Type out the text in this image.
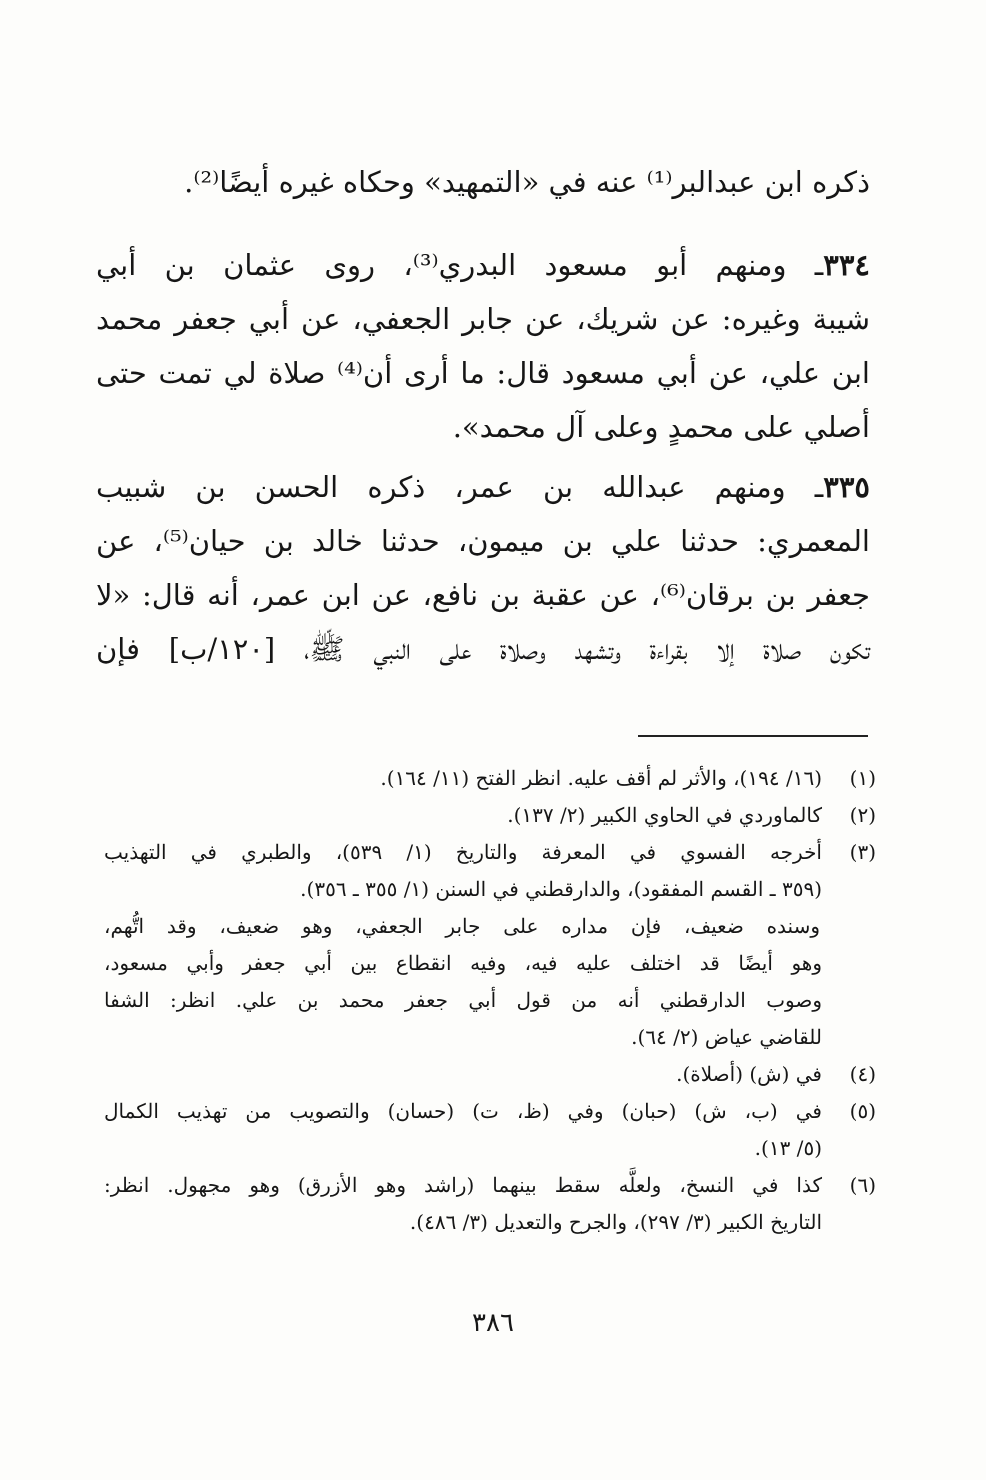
ذكره ابن عبدالبر⁽¹⁾ عنه في «التمهيد» وحكاه غيره أيضًا⁽²⁾.
٣٣٤ـ ومنهم أبو مسعود البدري⁽³⁾، روى عثمان بن أبي
شيبة وغيره: عن شريك، عن جابر الجعفي، عن أبي جعفر محمد
ابن علي، عن أبي مسعود قال: ما أرى أن⁽⁴⁾ صلاة لي تمت حتى
أصلي على محمدٍ وعلى آل محمد».
٣٣٥ـ ومنهم عبدالله بن عمر، ذكره الحسن بن شبيب
المعمري: حدثنا علي بن ميمون، حدثنا خالد بن حيان⁽⁵⁾، عن
جعفر بن برقان⁽⁶⁾، عن عقبة بن نافع، عن ابن عمر، أنه قال: «لا
تكون صلاة إلا بقراءة وتشهد وصلاة على النبي ﷺ، [١٢٠/ب] فإن
(١)
(١٦/ ١٩٤)، والأثر لم أقف عليه. انظر الفتح (١١/ ١٦٤).
(٢)
كالماوردي في الحاوي الكبير (٢/ ١٣٧).
(٣)
أخرجه الفسوي في المعرفة والتاريخ (١/ ٥٣٩)، والطبري في التهذيب
(٣٥٩ ـ القسم المفقود)، والدارقطني في السنن (١/ ٣٥٥ ـ ٣٥٦).
وسنده ضعيف، فإن مداره على جابر الجعفي، وهو ضعيف، وقد اتُّهم،
وهو أيضًا قد اختلف عليه فيه، وفيه انقطاع بين أبي جعفر وأبي مسعود،
وصوب الدارقطني أنه من قول أبي جعفر محمد بن علي. انظر: الشفا
للقاضي عياض (٢/ ٦٤).
(٤)
في (ش) (أصلاة).
(٥)
في (ب، ش) (حبان) وفي (ظ، ت) (حسان) والتصويب من تهذيب الكمال
(٥/ ١٣).
(٦)
كذا في النسخ، ولعلَّه سقط بينهما (راشد وهو الأزرق) وهو مجهول. انظر:
التاريخ الكبير (٣/ ٢٩٧)، والجرح والتعديل (٣/ ٤٨٦).
٣٨٦
